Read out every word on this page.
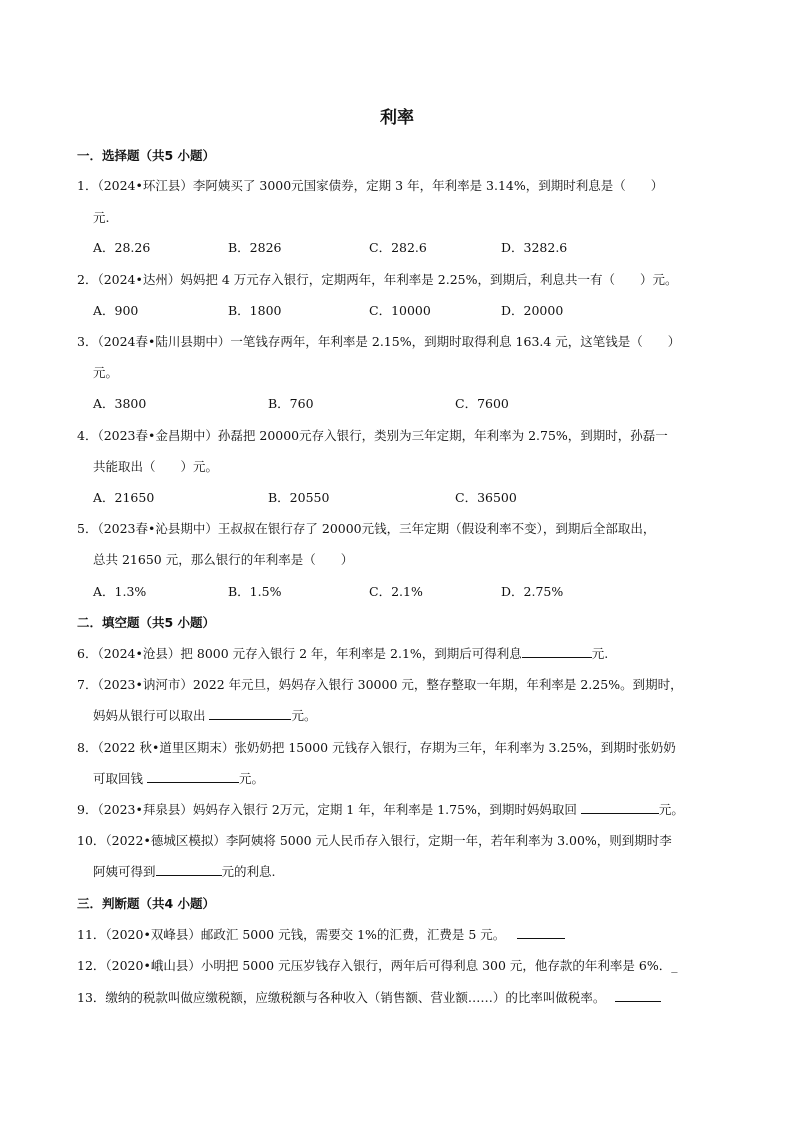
利率
一．选择题（共5 小题）
1．（2024•环江县）李阿姨买了 3000元国家债券，定期 3 年，年利率是 3.14%，到期时利息是（　　）
元.
A．28.26	B．2826	C．282.6	D．3282.6
2．（2024•达州）妈妈把 4 万元存入银行，定期两年，年利率是 2.25%，到期后，利息共一有（　　）元。
A．900	B．1800	C．10000	D．20000
3．（2024春•陆川县期中）一笔钱存两年，年利率是 2.15%，到期时取得利息 163.4 元，这笔钱是（　　）
元。
A．3800	B．760	C．7600
4．（2023春•金昌期中）孙磊把 20000元存入银行，类别为三年定期，年利率为 2.75%，到期时，孙磊一
共能取出（　　）元。
A．21650	B．20550	C．36500
5．（2023春•沁县期中）王叔叔在银行存了 20000元钱，三年定期（假设利率不变），到期后全部取出，
总共 21650 元，那么银行的年利率是（　　）
A．1.3%	B．1.5%	C．2.1%	D．2.75%
二．填空题（共5 小题）
6．（2024•沧县）把 8000 元存入银行 2 年，年利率是 2.1%，到期后可得利息	元.
7．（2023•讷河市）2022 年元旦，妈妈存入银行 30000 元，整存整取一年期，年利率是 2.25%。到期时，
妈妈从银行可以取出	元。
8．（2022 秋•道里区期末）张奶奶把 15000 元钱存入银行，存期为三年，年利率为 3.25%，到期时张奶奶
可取回钱	元。
9．（2023•拜泉县）妈妈存入银行 2万元，定期 1 年，年利率是 1.75%，到期时妈妈取回	元。
10．（2022•德城区模拟）李阿姨将 5000 元人民币存入银行，定期一年，若年利率为 3.00%，则到期时李
阿姨可得到	元的利息.
三．判断题（共4 小题）
11．（2020•双峰县）邮政汇 5000 元钱，需要交 1%的汇费，汇费是 5 元。
12．（2020•峨山县）小明把 5000 元压岁钱存入银行，两年后可得利息 300 元，他存款的年利率是 6%．_
13．缴纳的税款叫做应缴税额，应缴税额与各种收入（销售额、营业额……）的比率叫做税率。
